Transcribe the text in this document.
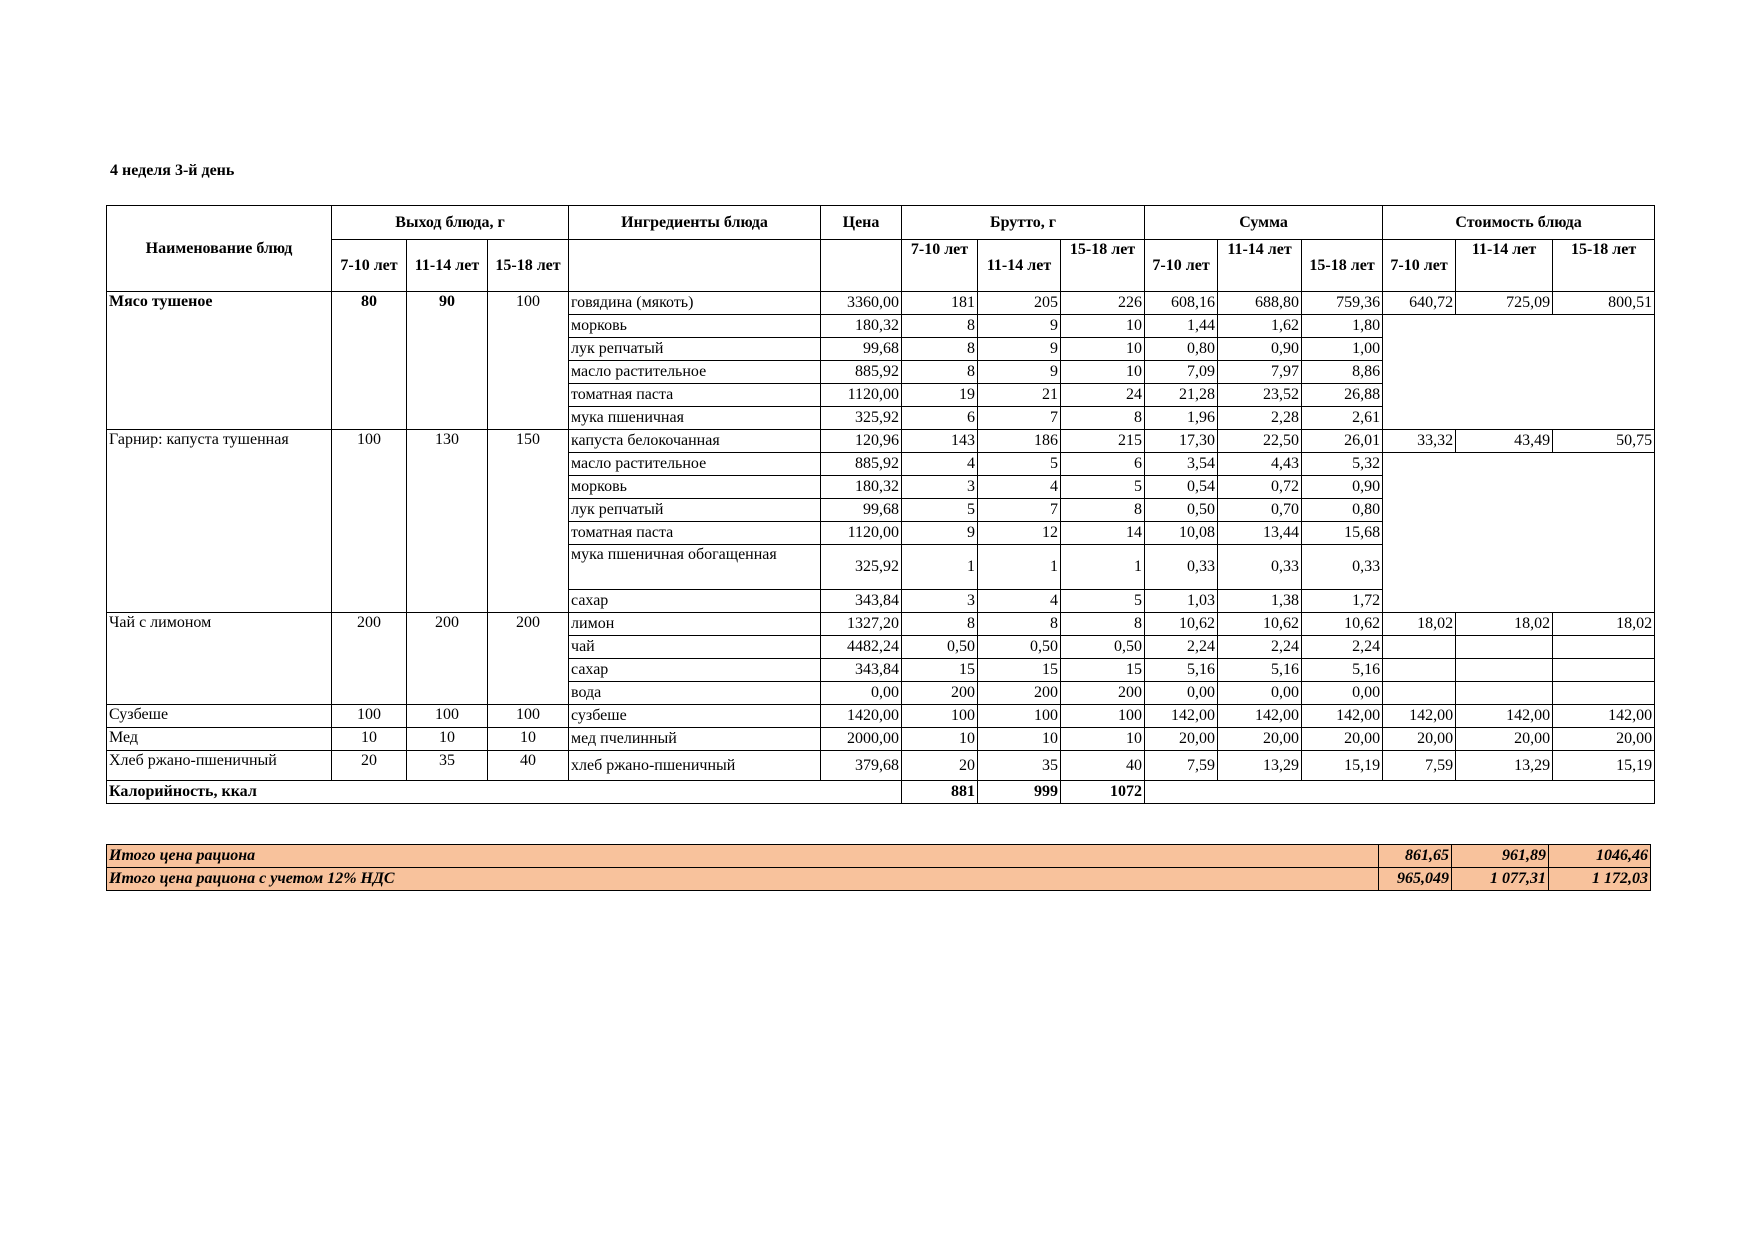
4 неделя 3-й день
Наименование блюд	Выход блюда, г			Ингредиенты блюда	Цена	Брутто, г			Сумма			Стоимость блюда		
	7-10 лет	11-14 лет	15-18 лет			7-10 лет	11-14 лет	15-18 лет	7-10 лет	11-14 лет	15-18 лет	7-10 лет	11-14 лет	15-18 лет
Мясо тушеное	80	90	100	говядина (мякоть)	3360,00	181	205	226	608,16	688,80	759,36	640,72	725,09	800,51
				морковь	180,32	8	9	10	1,44	1,62	1,80			
				лук репчатый	99,68	8	9	10	0,80	0,90	1,00			
				масло растительное	885,92	8	9	10	7,09	7,97	8,86			
				томатная паста	1120,00	19	21	24	21,28	23,52	26,88			
				мука пшеничная	325,92	6	7	8	1,96	2,28	2,61			
Гарнир: капуста тушенная	100	130	150	капуста белокочанная	120,96	143	186	215	17,30	22,50	26,01	33,32	43,49	50,75
				масло растительное	885,92	4	5	6	3,54	4,43	5,32			
				морковь	180,32	3	4	5	0,54	0,72	0,90			
				лук репчатый	99,68	5	7	8	0,50	0,70	0,80			
				томатная паста	1120,00	9	12	14	10,08	13,44	15,68			
				мука пшеничная обогащенная	325,92	1	1	1	0,33	0,33	0,33			
				сахар	343,84	3	4	5	1,03	1,38	1,72			
Чай с лимоном	200	200	200	лимон	1327,20	8	8	8	10,62	10,62	10,62	18,02	18,02	18,02
				чай	4482,24	0,50	0,50	0,50	2,24	2,24	2,24			
				сахар	343,84	15	15	15	5,16	5,16	5,16			
				вода	0,00	200	200	200	0,00	0,00	0,00			
Сузбеше	100	100	100	сузбеше	1420,00	100	100	100	142,00	142,00	142,00	142,00	142,00	142,00
Мед	10	10	10	мед пчелинный	2000,00	10	10	10	20,00	20,00	20,00	20,00	20,00	20,00
Хлеб ржано-пшеничный	20	35	40	хлеб ржано-пшеничный	379,68	20	35	40	7,59	13,29	15,19	7,59	13,29	15,19
Калорийность, ккал						881	999	1072						
Итого цена рациона	861,65	961,89	1046,46
Итого цена рациона с учетом 12% НДС	965,049	1 077,31	1 172,03
